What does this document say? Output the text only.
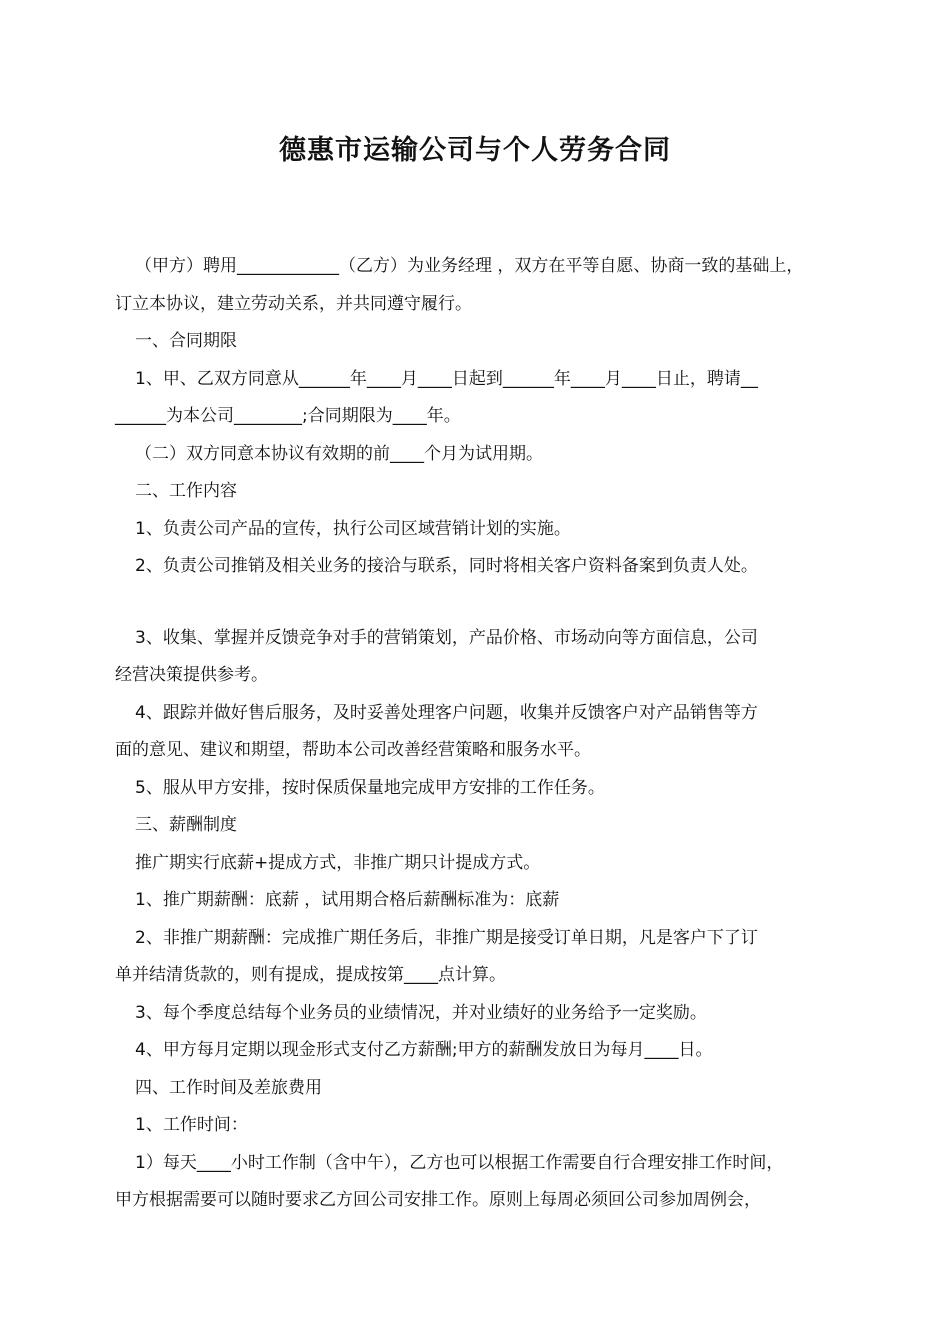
德惠市运输公司与个人劳务合同

（甲方）聘用____________（乙方）为业务经理 ，双方在平等自愿、协商一致的基础上，

订立本协议，建立劳动关系，并共同遵守履行。

一、合同期限

1、甲、乙双方同意从______年____月____日起到______年____月____日止，聘请__

______为本公司________;合同期限为____年。

（二）双方同意本协议有效期的前____个月为试用期。

二、工作内容

1、负责公司产品的宣传，执行公司区域营销计划的实施。

2、负责公司推销及相关业务的接洽与联系，同时将相关客户资料备案到负责人处。

3、收集、掌握并反馈竞争对手的营销策划，产品价格、市场动向等方面信息，公司

经营决策提供参考。

4、跟踪并做好售后服务，及时妥善处理客户问题，收集并反馈客户对产品销售等方

面的意见、建议和期望，帮助本公司改善经营策略和服务水平。

5、服从甲方安排，按时保质保量地完成甲方安排的工作任务。

三、薪酬制度

推广期实行底薪+提成方式，非推广期只计提成方式。

1、推广期薪酬：底薪 ，试用期合格后薪酬标准为：底薪

2、非推广期薪酬：完成推广期任务后，非推广期是接受订单日期，凡是客户下了订

单并结清货款的，则有提成，提成按第____点计算。

3、每个季度总结每个业务员的业绩情况，并对业绩好的业务给予一定奖励。

4、甲方每月定期以现金形式支付乙方薪酬;甲方的薪酬发放日为每月____日。

四、工作时间及差旅费用

1、工作时间：

1）每天____小时工作制（含中午），乙方也可以根据工作需要自行合理安排工作时间，

甲方根据需要可以随时要求乙方回公司安排工作。原则上每周必须回公司参加周例会，
